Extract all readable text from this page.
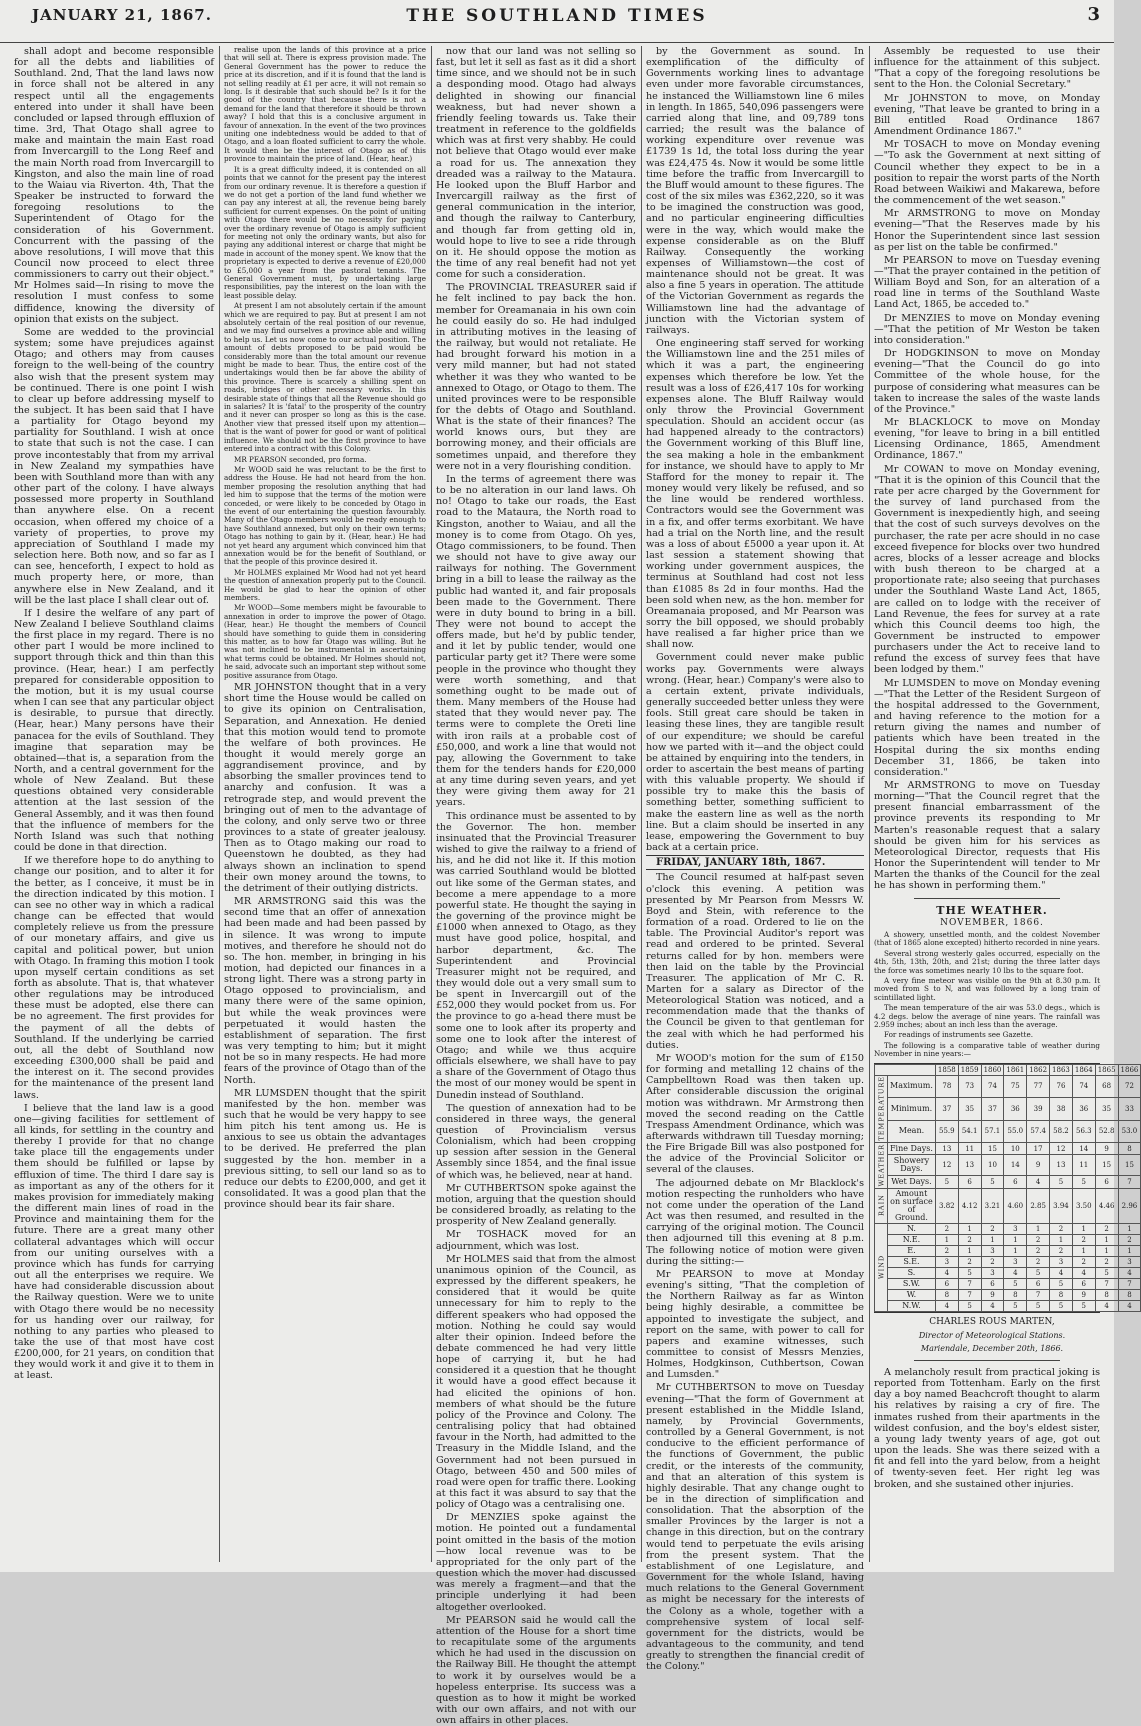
JANUARY 21, 1867.	THE SOUTHLAND TIMES	3

shall adopt and become responsible for all the debts and liabilities of Southland. 2nd, That the land laws now in force shall not be altered in any respect until all the engagements entered into under it shall have been concluded or lapsed through effluxion of time. 3rd, That Otago shall agree to make and maintain the main East road from Invercargill to the Long Reef and the main North road from Invercargill to Kingston, and also the main line of road to the Waiau via Riverton. 4th, That the Speaker be instructed to forward the foregoing resolutions to the Superintendent of Otago for the consideration of his Government. Concurrent with the passing of the above resolutions, I will move that this Council now proceed to elect three commissioners to carry out their object." Mr Holmes said—In rising to move the resolution I must confess to some diffidence, knowing the diversity of opinion that exists on the subject.

Some are wedded to the provincial system; some have prejudices against Otago; and others may from causes foreign to the well-being of the country also wish that the present system may be continued. There is one point I wish to clear up before addressing myself to the subject. It has been said that I have a partiality for Otago beyond my partiality for Southland. I wish at once to state that such is not the case. I can prove incontestably that from my arrival in New Zealand my sympathies have been with Southland more than with any other part of the colony. I have always possessed more property in Southland than anywhere else. On a recent occasion, when offered my choice of a variety of properties, to prove my appreciation of Southland I made my selection here. Both now, and so far as I can see, henceforth, I expect to hold as much property here, or more, than anywhere else in New Zealand, and it will be the last place I shall clear out of.

If I desire the welfare of any part of New Zealand I believe Southland claims the first place in my regard. There is no other part I would be more inclined to support through thick and thin than this province. (Hear, hear.) I am perfectly prepared for considerable opposition to the motion, but it is my usual course when I can see that any particular object is desirable, to pursue that directly. (Hear, hear.) Many persons have their panacea for the evils of Southland. They imagine that separation may be obtained—that is, a separation from the North, and a central government for the whole of New Zealand. But these questions obtained very considerable attention at the last session of the General Assembly, and it was then found that the influence of members for the North Island was such that nothing could be done in that direction.

If we therefore hope to do anything to change our position, and to alter it for the better, as I conceive, it must be in the direction indicated by this motion. I can see no other way in which a radical change can be effected that would completely relieve us from the pressure of our monetary affairs, and give us capital and political power, but union with Otago. In framing this motion I took upon myself certain conditions as set forth as absolute. That is, that whatever other regulations may be introduced these must be adopted, else there can be no agreement. The first provides for the payment of all the debts of Southland. If the underlying be carried out, all the debt of Southland now exceeding £300,000 shall be paid and the interest on it. The second provides for the maintenance of the present land laws.

I believe that the land law is a good one—giving facilities for settlement of all kinds, for settling in the country and thereby I provide for that no change take place till the engagements under them should be fulfilled or lapse by effluxion of time. The third I dare say is as important as any of the others for it makes provision for immediately making the different main lines of road in the Province and maintaining them for the future. There are a great many other collateral advantages which will occur from our uniting ourselves with a province which has funds for carrying out all the enterprises we require. We have had considerable discussion about the Railway question. Were we to unite with Otago there would be no necessity for us handing over our railway, for nothing to any parties who pleased to take the use of that most have cost £200,000, for 21 years, on condition that they would work it and give it to them in at least.

realise upon the lands of this province at a price that will sell at. There is express provision made. The General Government has the power to reduce the price at its discretion, and if it is found that the land is not selling readily at £1 per acre, it will not remain so long. Is it desirable that such should be? Is it for the good of the country that because there is not a demand for the land that therefore it should be thrown away? I hold that this is a conclusive argument in favour of annexation. In the event of the two provinces uniting one indebtedness would be added to that of Otago, and a loan floated sufficient to carry the whole. It would then be the interest of Otago as of this province to maintain the price of land. (Hear, hear.)

It is a great difficulty indeed, it is contended on all points that we cannot for the present pay the interest from our ordinary revenue. It is therefore a question if we do not get a portion of the land fund whether we can pay any interest at all, the revenue being barely sufficient for current expenses. On the point of uniting with Otago there would be no necessity for paying over the ordinary revenue of Otago is amply sufficient for meeting not only the ordinary wants, but also for paying any additional interest or charge that might be made in account of the money spent. We know that the proprietary is expected to derive a revenue of £20,000 to £5,000 a year from the pastoral tenants. The General Government must, by undertaking large responsibilities, pay the interest on the loan with the least possible delay.

At present I am not absolutely certain if the amount which we are required to pay. But at present I am not absolutely certain of the real position of our revenue, and we may find ourselves a province able and willing to help us. Let us now come to our actual position. The amount of debts proposed to be paid would be considerably more than the total amount our revenue might be made to bear. Thus, the entire cost of the undertakings would then be far above the ability of this province. There is scarcely a shilling spent on roads, bridges or other necessary works. In this desirable state of things that all the Revenue should go in salaries? It is 'fatal' to the prosperity of the country and it never can prosper so long as this is the case. Another view that pressed itself upon my attention—that is the want of power for good or want of political influence. We should not be the first province to have entered into a contract with this Colony.

MR PEARSON seconded, pro forma.

Mr WOOD said he was reluctant to be the first to address the House. He had not heard from the hon. member proposing the resolution anything that had led him to suppose that the terms of the motion were conceded, or were likely to be conceded by Otago in the event of our entertaining the question favourably. Many of the Otago members would be ready enough to have Southland annexed, but only on their own terms; Otago has nothing to gain by it. (Hear, hear.) He had not yet heard any argument which convinced him that annexation would be for the benefit of Southland, or that the people of this province desired it.

Mr HOLMES explained Mr Wood had not yet heard the question of annexation properly put to the Council. He would be glad to hear the opinion of other members.

Mr WOOD—Some members might be favourable to annexation in order to improve the power of Otago. (Hear, hear.) He thought the members of Council should have something to guide them in considering this matter, as to how far Otago was willing. But he was not inclined to be instrumental in ascertaining what terms could be obtained. Mr Holmes should not, he said, advocate such an important step without some positive assurance from Otago.

MR JOHNSTON thought that in a very short time the House would be called on to give its opinion on Centralisation, Separation, and Annexation. He denied that this motion would tend to promote the welfare of both provinces. He thought it would merely gorge an aggrandisement province, and by absorbing the smaller provinces tend to anarchy and confusion. It was a retrograde step, and would prevent the bringing out of men to the advantage of the colony, and only serve two or three provinces to a state of greater jealousy. Then as to Otago making our road to Queenstown he doubted, as they had always shown an inclination to spend their own money around the towns, to the detriment of their outlying districts.

MR ARMSTRONG said this was the second time that an offer of annexation had been made and had been passed by in silence. It was wrong to impute motives, and therefore he should not do so. The hon. member, in bringing in his motion, had depicted our finances in a strong light. There was a strong party in Otago opposed to provincialism, and many there were of the same opinion, but while the weak provinces were perpetuated it would hasten the establishment of separation. The first was very tempting to him; but it might not be so in many respects. He had more fears of the province of Otago than of the North.

MR LUMSDEN thought that the spirit manifested by the hon. member was such that he would be very happy to see him pitch his tent among us. He is anxious to see us obtain the advantages to be derived. He preferred the plan suggested by the hon. member in a previous sitting, to sell our land so as to reduce our debts to £200,000, and get it consolidated. It was a good plan that the province should bear its fair share.

now that our land was not selling so fast, but let it sell as fast as it did a short time since, and we should not be in such a desponding mood. Otago had always delighted in showing our financial weakness, but had never shown a friendly feeling towards us. Take their treatment in reference to the goldfields which was at first very shabby. He could not believe that Otago would ever make a road for us. The annexation they dreaded was a railway to the Mataura. He looked upon the Bluff Harbor and Invercargill railway as the first of general communication in the interior, and though the railway to Canterbury, and though far from getting old in, would hope to live to see a ride through on it. He should oppose the motion as the time of any real benefit had not yet come for such a consideration.

The PROVINCIAL TREASURER said if he felt inclined to pay back the hon. member for Oreamanaia in his own coin he could easily do so. He had indulged in attributing motives in the leasing of the railway, but would not retaliate. He had brought forward his motion in a very mild manner, but had not stated whether it was they who wanted to be annexed to Otago, or Otago to them. The united provinces were to be responsible for the debts of Otago and Southland. What is the state of their finances? The world knows ours, but they are borrowing money, and their officials are sometimes unpaid, and therefore they were not in a very flourishing condition.

In the terms of agreement there was to be no alteration in our land laws. Oh no! Otago to take our roads, the East road to the Mataura, the North road to Kingston, another to Waiau, and all the money is to come from Otago. Oh yes, Otago commissioners, to be found. Then we should not have to give away our railways for nothing. The Government bring in a bill to lease the railway as the public had wanted it, and fair proposals been made to the Government. There were in duty bound to bring in a bill. They were not bound to accept the offers made, but he'd by public tender, and it let by public tender, would one particular party get it? There were some people in the province who thought they were worth something, and that something ought to be made out of them. Many members of the House had stated that they would never pay. The terms were to complete the Oreti line with iron rails at a probable cost of £50,000, and work a line that would not pay, allowing the Government to take them for the tenders hands for £20,000 at any time during seven years, and yet they were giving them away for 21 years.

This ordinance must be assented to by the Governor. The hon. member insinuated that the Provincial Treasurer wished to give the railway to a friend of his, and he did not like it. If this motion was carried Southland would be blotted out like some of the German states, and become a mere appendage to a more powerful state. He thought the saying in the governing of the province might be £1000 when annexed to Otago, as they must have good police, hospital, and harbor department, &c. The Superintendent and Provincial Treasurer might not be required, and they would dole out a very small sum to be spent in Invercargill out of the £52,000 they would pocket from us. For the province to go a-head there must be some one to look after its property and some one to look after the interest of Otago; and while we thus acquire officials elsewhere, we shall have to pay a share of the Government of Otago thus the most of our money would be spent in Dunedin instead of Southland.

The question of annexation had to be considered in three ways, the general question of Provincialism versus Colonialism, which had been cropping up session after session in the General Assembly since 1854, and the final issue of which was, he believed, near at hand.

Mr CUTHBERTSON spoke against the motion, arguing that the question should be considered broadly, as relating to the prosperity of New Zealand generally.

Mr TOSHACK moved for an adjournment, which was lost.

Mr HOLMES said that from the almost unanimous opinion of the Council, as expressed by the different speakers, he considered that it would be quite unnecessary for him to reply to the different speakers who had opposed the motion. Nothing he could say would alter their opinion. Indeed before the debate commenced he had very little hope of carrying it, but he had considered it a question that he thought it would have a good effect because it had elicited the opinions of hon. members of what should be the future policy of the Province and Colony. The centralising policy that had obtained favour in the North, had admitted to the Treasury in the Middle Island, and the Government had not been pursued in Otago, between 450 and 500 miles of road were open for traffic there. Looking at this fact it was absurd to say that the policy of Otago was a centralising one.

Dr MENZIES spoke against the motion. He pointed out a fundamental point omitted in the basis of the motion—how local revenue was to be appropriated for the only part of the question which the mover had discussed was merely a fragment—and that the principle underlying it had been altogether overlooked.

Mr PEARSON said he would call the attention of the House for a short time to recapitulate some of the arguments which he had used in the discussion on the Railway Bill. He thought the attempt to work it by ourselves would be a hopeless enterprise. Its success was a question as to how it might be worked with our own affairs, and not with our own affairs in other places.

by the Government as sound. In exemplification of the difficulty of Governments working lines to advantage even under more favorable circumstances, he instanced the Williamstown line 6 miles in length. In 1865, 540,096 passengers were carried along that line, and 09,789 tons carried; the result was the balance of working expenditure over revenue was £1739 1s 1d, the total loss during the year was £24,475 4s. Now it would be some little time before the traffic from Invercargill to the Bluff would amount to these figures. The cost of the six miles was £362,220, so it was to be imagined the construction was good, and no particular engineering difficulties were in the way, which would make the expense considerable as on the Bluff Railway. Consequently the working expenses of Williamstown—the cost of maintenance should not be great. It was also a fine 5 years in operation. The attitude of the Victorian Government as regards the Williamstown line had the advantage of junction with the Victorian system of railways.

One engineering staff served for working the Williamstown line and the 251 miles of which it was a part, the engineering expenses which therefore be low. Yet the result was a loss of £26,417 10s for working expenses alone. The Bluff Railway would only throw the Provincial Government speculation. Should an accident occur (as had happened already to the contractors) the Government working of this Bluff line, the sea making a hole in the embankment for instance, we should have to apply to Mr Stafford for the money to repair it. The money would very likely be refused, and so the line would be rendered worthless. Contractors would see the Government was in a fix, and offer terms exorbitant. We have had a trial on the North line, and the result was a loss of about £5000 a year upon it. At last session a statement showing that working under government auspices, the terminus at Southland had cost not less than £1085 8s 2d in four months. Had the been sold when new, as the hon. member for Oreamanaia proposed, and Mr Pearson was sorry the bill opposed, we should probably have realised a far higher price than we shall now.

Government could never make public works pay. Governments were always wrong. (Hear, hear.) Company's were also to a certain extent, private individuals, generally succeeded better unless they were fools. Still great care should be taken in leasing these lines, they are tangible result of our expenditure; we should be careful how we parted with it—and the object could be attained by enquiring into the tenders, in order to ascertain the best means of parting with this valuable property. We should if possible try to make this the basis of something better, something sufficient to make the eastern line as well as the north line. But a claim should be inserted in any lease, empowering the Government to buy back at a certain price.

FRIDAY, JANUARY 18th, 1867.

The Council resumed at half-past seven o'clock this evening. A petition was presented by Mr Pearson from Messrs W. Boyd and Stein, with reference to the formation of a road. Ordered to lie on the table. The Provincial Auditor's report was read and ordered to be printed. Several returns called for by hon. members were then laid on the table by the Provincial Treasurer. The application of Mr C. R. Marten for a salary as Director of the Meteorological Station was noticed, and a recommendation made that the thanks of the Council be given to that gentleman for the zeal with which he had performed his duties.

Mr WOOD's motion for the sum of £150 for forming and metalling 12 chains of the Campbelltown Road was then taken up. After considerable discussion the original motion was withdrawn. Mr Armstrong then moved the second reading on the Cattle Trespass Amendment Ordinance, which was afterwards withdrawn till Tuesday morning; the Fire Brigade Bill was also postponed for the advice of the Provincial Solicitor or several of the clauses.

The adjourned debate on Mr Blacklock's motion respecting the runholders who have not come under the operation of the Land Act was then resumed, and resulted in the carrying of the original motion. The Council then adjourned till this evening at 8 p.m. The following notice of motion were given during the sitting:—

Mr PEARSON to move at Monday evening's sitting, "That the completion of the Northern Railway as far as Winton being highly desirable, a committee be appointed to investigate the subject, and report on the same, with power to call for papers and examine witnesses, such committee to consist of Messrs Menzies, Holmes, Hodgkinson, Cuthbertson, Cowan and Lumsden."

Mr CUTHBERTSON to move on Tuesday evening—"That the form of Government at present established in the Middle Island, namely, by Provincial Governments, controlled by a General Government, is not conducive to the efficient performance of the functions of Government, the public credit, or the interests of the community, and that an alteration of this system is highly desirable. That any change ought to be in the direction of simplification and consolidation. That the absorption of the smaller Provinces by the larger is not a change in this direction, but on the contrary would tend to perpetuate the evils arising from the present system. That the establishment of one Legislature, and Government for the whole Island, having much relations to the General Government as might be necessary for the interests of the Colony as a whole, together with a comprehensive system of local self-government for the districts, would be advantageous to the community, and tend greatly to strengthen the financial credit of the Colony."

Assembly be requested to use their influence for the attainment of this subject. "That a copy of the foregoing resolutions be sent to the Hon. the Colonial Secretary."

Mr JOHNSTON to move, on Monday evening, "That leave be granted to bring in a Bill entitled Road Ordinance 1867 Amendment Ordinance 1867."

Mr TOSACH to move on Monday evening—"To ask the Government at next sitting of Council whether they expect to be in a position to repair the worst parts of the North Road between Waikiwi and Makarewa, before the commencement of the wet season."

Mr ARMSTRONG to move on Monday evening—"That the Reserves made by his Honor the Superintendent since last session as per list on the table be confirmed."

Mr PEARSON to move on Tuesday evening—"That the prayer contained in the petition of William Boyd and Son, for an alteration of a road line in terms of the Southland Waste Land Act, 1865, be acceded to."

Dr MENZIES to move on Monday evening—"That the petition of Mr Weston be taken into consideration."

Dr HODGKINSON to move on Monday evening—"That the Council do go into Committee of the whole house, for the purpose of considering what measures can be taken to increase the sales of the waste lands of the Province."

Mr BLACKLOCK to move on Monday evening, "for leave to bring in a bill entitled Licensing Ordinance, 1865, Amendment Ordinance, 1867."

Mr COWAN to move on Monday evening, "That it is the opinion of this Council that the rate per acre charged by the Government for the survey of land purchased from the Government is inexpediently high, and seeing that the cost of such surveys devolves on the purchaser, the rate per acre should in no case exceed fivepence for blocks over two hundred acres, blocks of a lesser acreage and blocks with bush thereon to be charged at a proportionate rate; also seeing that purchases under the Southland Waste Land Act, 1865, are called on to lodge with the receiver of Land Revenue, the fees for survey at a rate which this Council deems too high, the Government be instructed to empower purchasers under the Act to receive land to refund the excess of survey fees that have been lodged by them."

Mr LUMSDEN to move on Monday evening—"That the Letter of the Resident Surgeon of the hospital addressed to the Government, and having reference to the motion for a return giving the names and number of patients which have been treated in the Hospital during the six months ending December 31, 1866, be taken into consideration."

Mr ARMSTRONG to move on Tuesday morning—"That the Council regret that the present financial embarrassment of the province prevents its responding to Mr Marten's reasonable request that a salary should be given him for his services as Meteorological Director, requests that His Honor the Superintendent will tender to Mr Marten the thanks of the Council for the zeal he has shown in performing them."

THE WEATHER.

NOVEMBER, 1866.

A showery, unsettled month, and the coldest November (that of 1865 alone excepted) hitherto recorded in nine years.

Several strong westerly gales occurred, especially on the 4th, 5th, 13th, 20th, and 21st; during the three latter days the force was sometimes nearly 10 lbs to the square foot.

A very fine meteor was visible on the 9th at 8.30 p.m. It moved from S to N, and was followed by a long train of scintillated light.

The mean temperature of the air was 53.0 degs., which is 4.2 degs. below the average of nine years. The rainfall was 2.959 inches; about an inch less than the average.

For readings of instruments see Gazette.

The following is a comparative table of weather during November in nine years:—

		1858	1859	1860	1861	1862	1863	1864	1865	1866
TEMPERATURE	Maximum.	78	73	74	75	77	76	74	68	72
	Minimum.	37	35	37	36	39	38	36	35	33
	Mean.	55.9	54.1	57.1	55.0	57.4	58.2	56.3	52.8	53.0
WEATHER	Fine Days.	13	11	15	10	17	12	14	9	8
	Showery Days.	12	13	10	14	9	13	11	15	15
	Wet Days.	5	6	5	6	4	5	5	6	7
RAIN	Amount on surface of Ground.	3.82	4.12	3.21	4.60	2.85	3.94	3.50	4.46	2.96
WIND	N.	2	1	2	3	1	2	1	2	1
	N.E.	1	2	1	1	2	1	2	1	2
	E.	2	1	3	1	2	2	1	1	1
	S.E.	3	2	2	3	2	3	2	2	3
	S.	4	5	3	4	5	4	4	5	4
	S.W.	6	7	6	5	6	5	6	7	7
	W.	8	7	9	8	7	8	9	8	8
	N.W.	4	5	4	5	5	5	5	4	4

CHARLES ROUS MARTEN,

Director of Meteorological Stations.

Mariendale, December 20th, 1866.

A melancholy result from practical joking is reported from Tottenham. Early on the first day a boy named Beachcroft thought to alarm his relatives by raising a cry of fire. The inmates rushed from their apartments in the wildest confusion, and the boy's eldest sister, a young lady twenty years of age, got out upon the leads. She was there seized with a fit and fell into the yard below, from a height of twenty-seven feet. Her right leg was broken, and she sustained other injuries.
